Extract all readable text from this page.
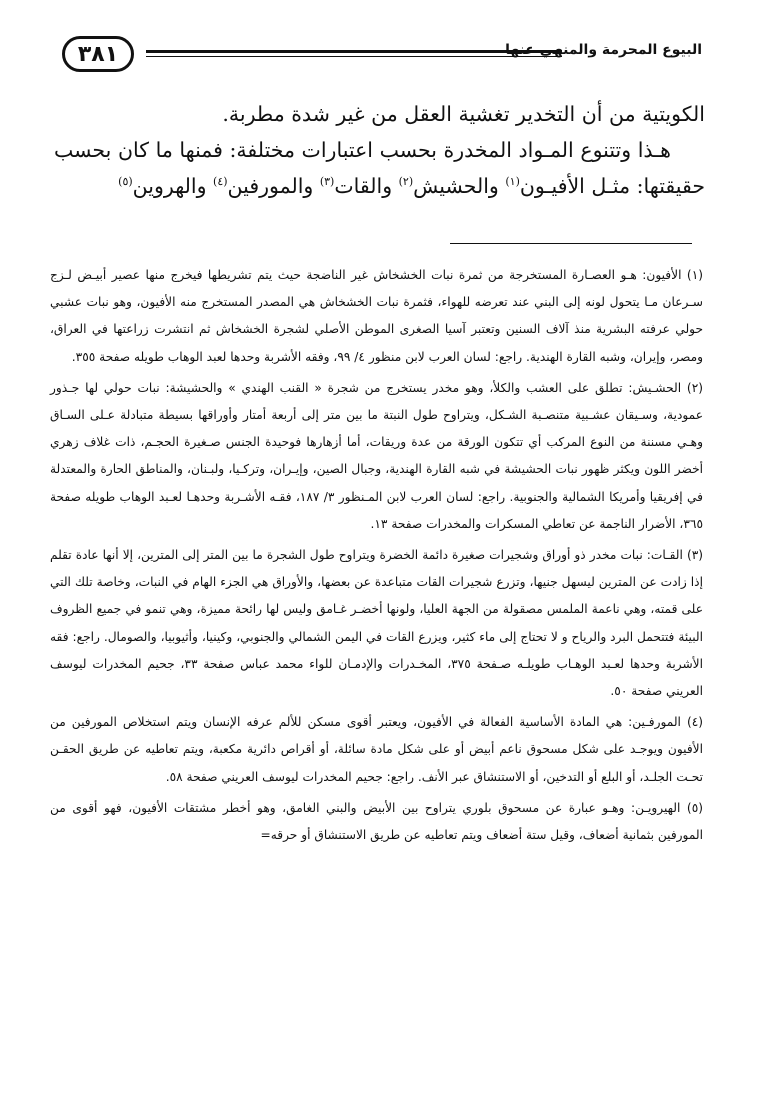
٣٨١	البيوع المحرمة والمنهي عنها

الكويتية من أن التخدير تغشية العقل من غير شدة مطربة.

هـذا وتتنوع المـواد المخدرة بحسب اعتبارات مختلفة: فمنها ما كان بحسب حقيقتها: مثـل الأفيـون$^{(١)}$ والحشيش$^{(٢)}$ والقات$^{(٣)}$ والمورفين$^{(٤)}$ والهروين$^{(٥)}$

(١) الأفيون: هـو العصـارة المستخرجة من ثمرة نبات الخشخاش غير الناضجة حيث يتم تشريطها فيخرج منها عصير أبيـض لـزج سـرعان مـا يتحول لونه إلى البني عند تعرضه للهواء، فثمرة نبات الخشخاش هي المصدر المستخرج منه الأفيون، وهو نبات عشبي حولي عرفته البشرية منذ آلاف السنين وتعتبر آسيا الصغرى الموطن الأصلي لشجرة الخشخاش ثم انتشرت زراعتها في العراق، ومصر، وإيران، وشبه القارة الهندية. راجع: لسان العرب لابن منظور ٤/ ٩٩، وفقه الأشربة وحدها لعبد الوهاب طويله صفحة ٣٥٥.

(٢) الحشـيش: تطلق على العشب والكلأ، وهو مخدر يستخرج من شجرة « القنب الهندي » والحشيشة: نبات حولي لها جـذور عمودية، وسـيقان عشـبية متنصـبة الشـكل، ويتراوح طول النبتة ما بين متر إلى أربعة أمتار وأوراقها بسيطة متبادلة عـلى السـاق وهـي مسننة من النوع المركب أي تتكون الورقة من عدة وريقات، أما أزهارها فوحيدة الجنس صـغيرة الحجـم، ذات غلاف زهري أخضر اللون ويكثر ظهور نبات الحشيشة في شبه القارة الهندية، وجبال الصين، وإيـران، وتركـيا، ولبـنان، والمناطق الحارة والمعتدلة في إفريقيا وأمريكا الشمالية والجنوبية. راجع: لسان العرب لابن المـنظور ٣/ ١٨٧، فقـه الأشـربة وحدهـا لعـبد الوهاب طويله صفحة ٣٦٥، الأضرار الناجمة عن تعاطي المسكرات والمخدرات صفحة ١٣.

(٣) القـات: نبات مخدر ذو أوراق وشجيرات صغيرة دائمة الخضرة ويتراوح طول الشجرة ما بين المتر إلى المترين، إلا أنها عادة تقلم إذا زادت عن المترين ليسهل جنيها، وتزرع شجيرات القات متباعدة عن بعضها، والأوراق هي الجزء الهام في النبات، وخاصة تلك التي على قمته، وهي ناعمة الملمس مصقولة من الجهة العليا، ولونها أخضـر غـامق وليس لها رائحة مميزة، وهي تنمو في جميع الظروف البيئة فتتحمل البرد والرياح و لا تحتاج إلى ماء كثير، ويزرع القات في اليمن الشمالي والجنوبي، وكينيا، وأثيوبيا، والصومال. راجع: فقه الأشربة وحدها لعـبد الوهـاب طويلـه صـفحة ٣٧٥، المخـدرات والإدمـان للواء محمد عباس صفحة ٣٣، جحيم المخدرات ليوسف العريني صفحة ٥٠.

(٤) المورفـين: هي المادة الأساسية الفعالة في الأفيون، ويعتبر أقوى مسكن للألم عرفه الإنسان ويتم استخلاص المورفين من الأفيون ويوجـد على شكل مسحوق ناعم أبيض أو على شكل مادة سائلة، أو أقراص دائرية مكعبة، ويتم تعاطيه عن طريق الحقـن تحـت الجلـد، أو البلع أو التدخين، أو الاستنشاق عبر الأنف. راجع: جحيم المخدرات ليوسف العريني صفحة ٥٨.

(٥) الهيرويـن: وهـو عبارة عن مسحوق بلوري يتراوح بين الأبيض والبني الغامق، وهو أخطر مشتقات الأفيون، فهو أقوى من المورفين بثمانية أضعاف، وقيل ستة أضعاف ويتم تعاطيه عن طريق الاستنشاق أو حرقه=
